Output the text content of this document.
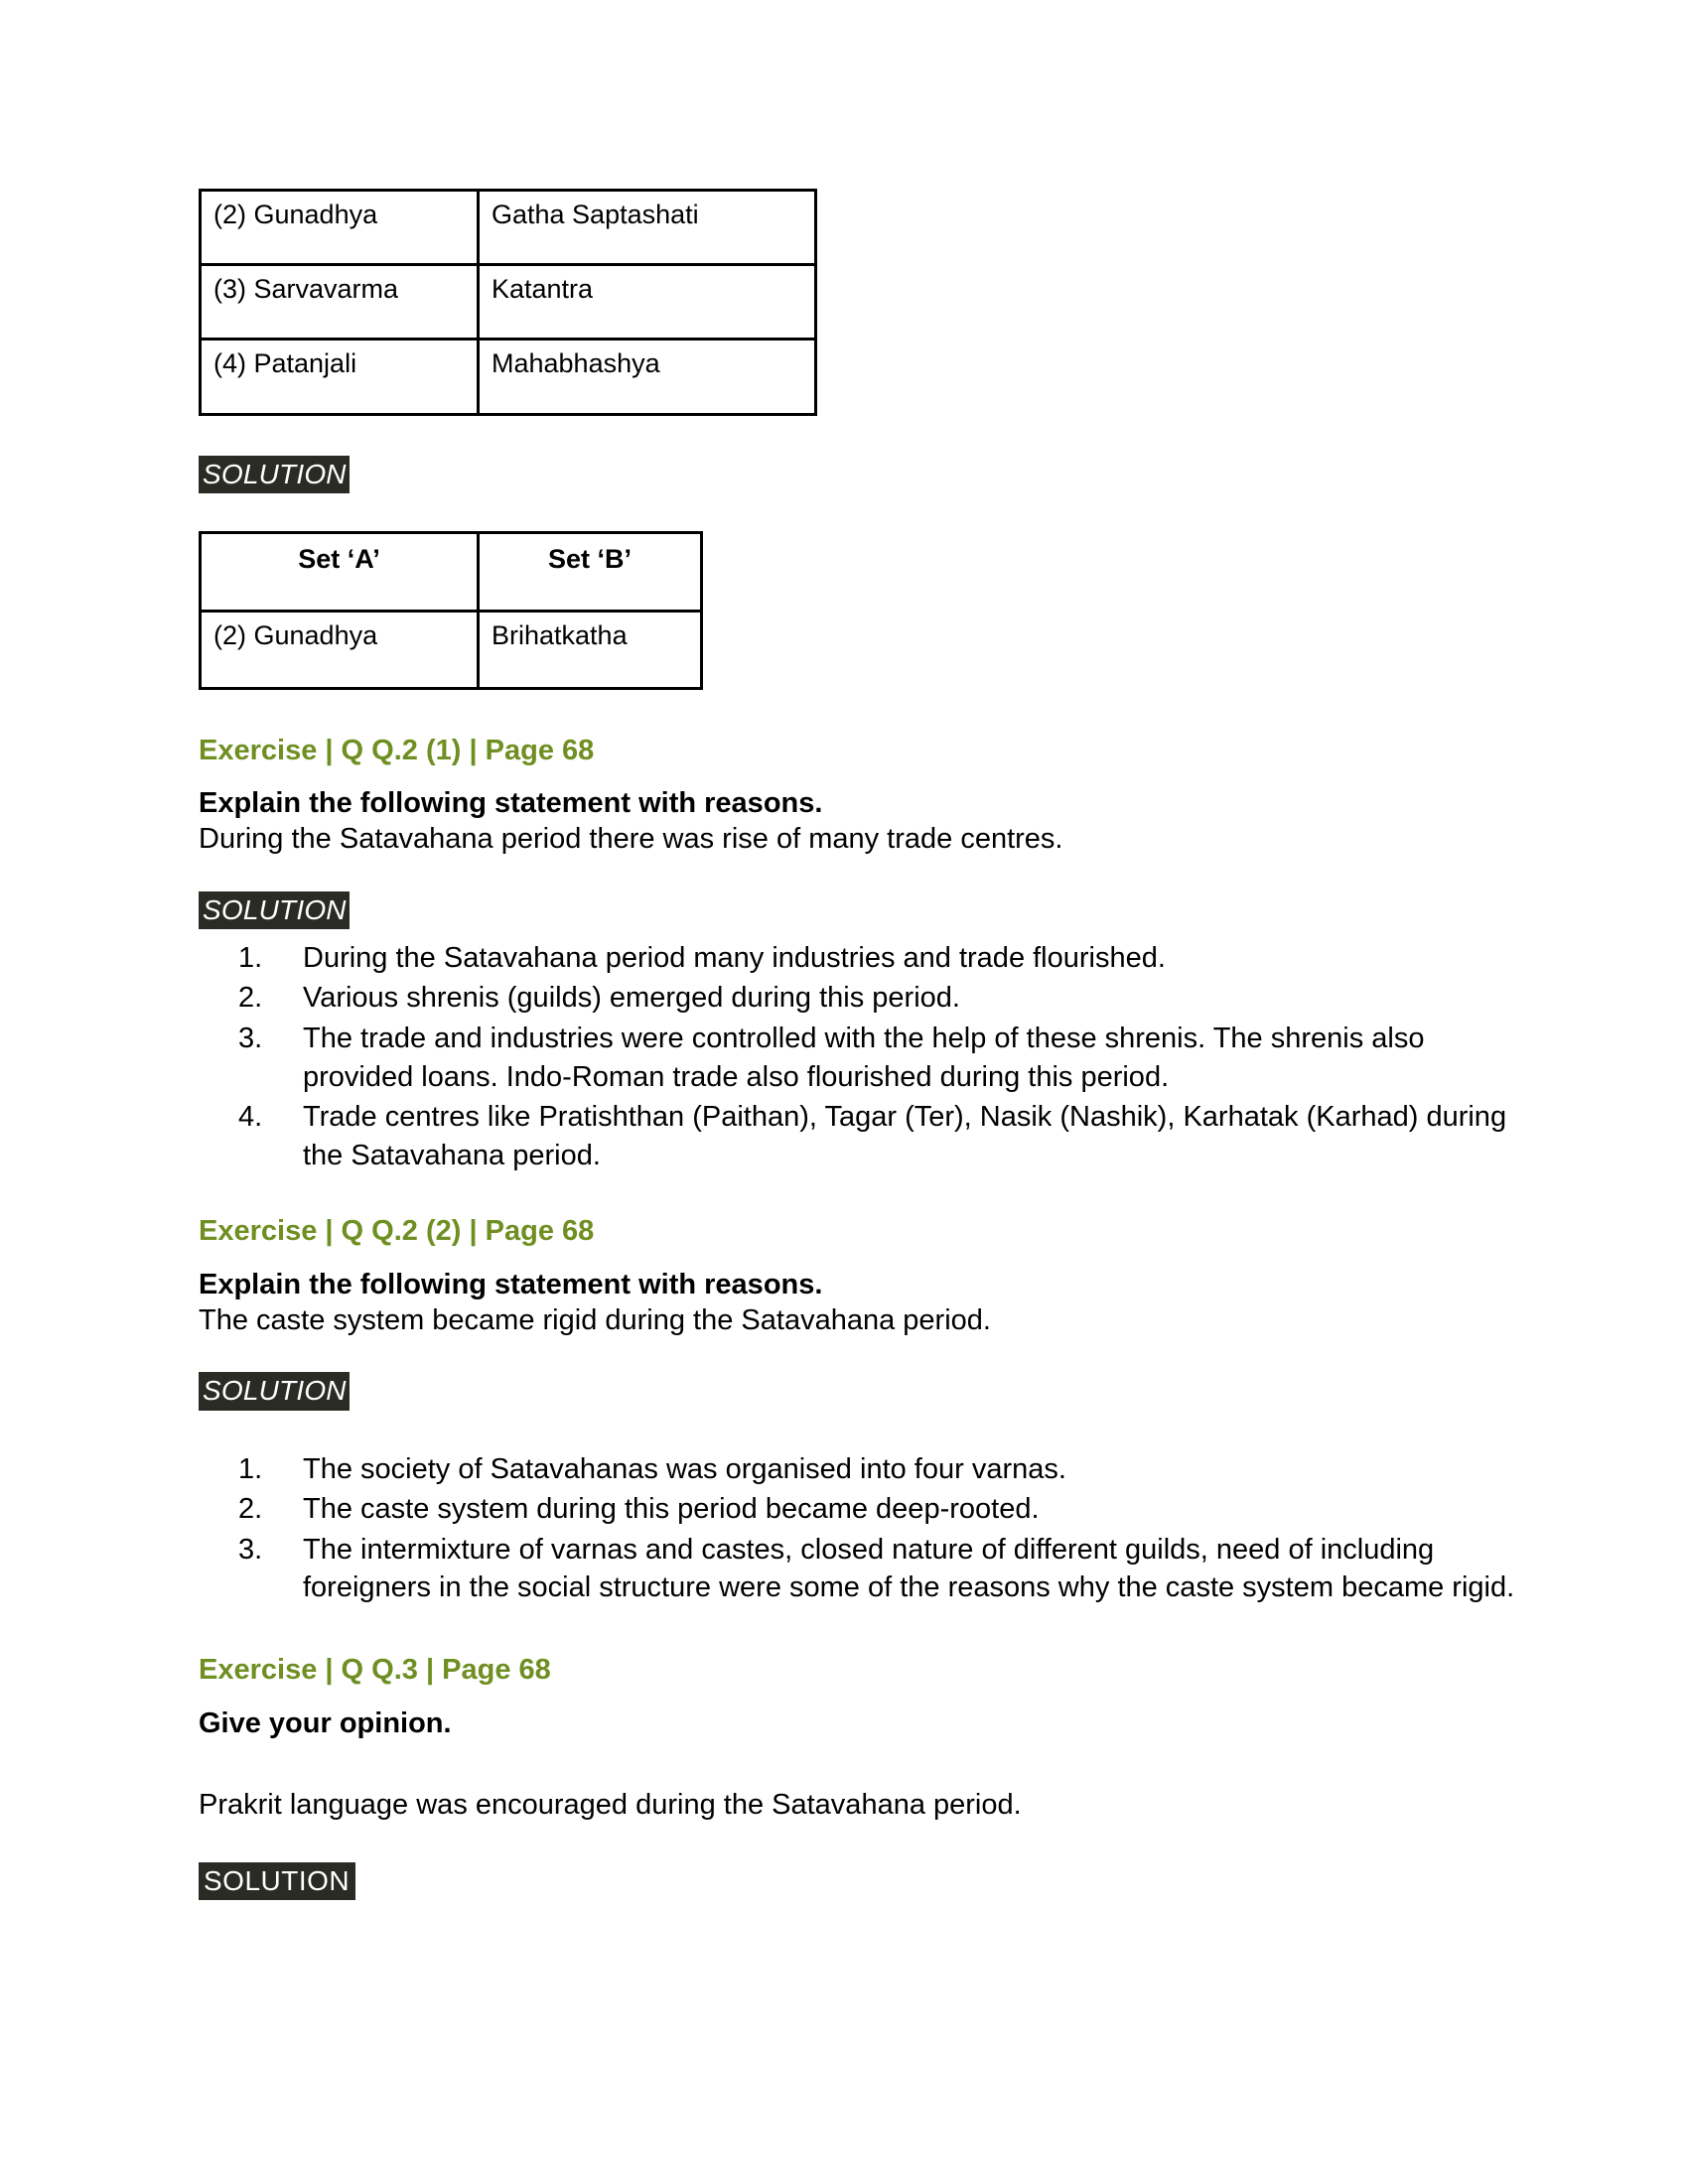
(2) Gunadhya	Gatha Saptashati
(3) Sarvavarma	Katantra
(4) Patanjali	Mahabhashya
SOLUTION
Set ‘A’	Set ‘B’
(2) Gunadhya	Brihatkatha
Exercise | Q Q.2 (1) | Page 68
Explain the following statement with reasons.
During the Satavahana period there was rise of many trade centres.
SOLUTION
1.	During the Satavahana period many industries and trade flourished.
2.	Various shrenis (guilds) emerged during this period.
3.	The trade and industries were controlled with the help of these shrenis. The shrenis also provided loans. Indo-Roman trade also flourished during this period.
4.	Trade centres like Pratishthan (Paithan), Tagar (Ter), Nasik (Nashik), Karhatak (Karhad) during the Satavahana period.
Exercise | Q Q.2 (2) | Page 68
Explain the following statement with reasons.
The caste system became rigid during the Satavahana period.
SOLUTION
1.	The society of Satavahanas was organised into four varnas.
2.	The caste system during this period became deep-rooted.
3.	The intermixture of varnas and castes, closed nature of different guilds, need of including foreigners in the social structure were some of the reasons why the caste system became rigid.
Exercise | Q Q.3 | Page 68
Give your opinion.
Prakrit language was encouraged during the Satavahana period.
SOLUTION
